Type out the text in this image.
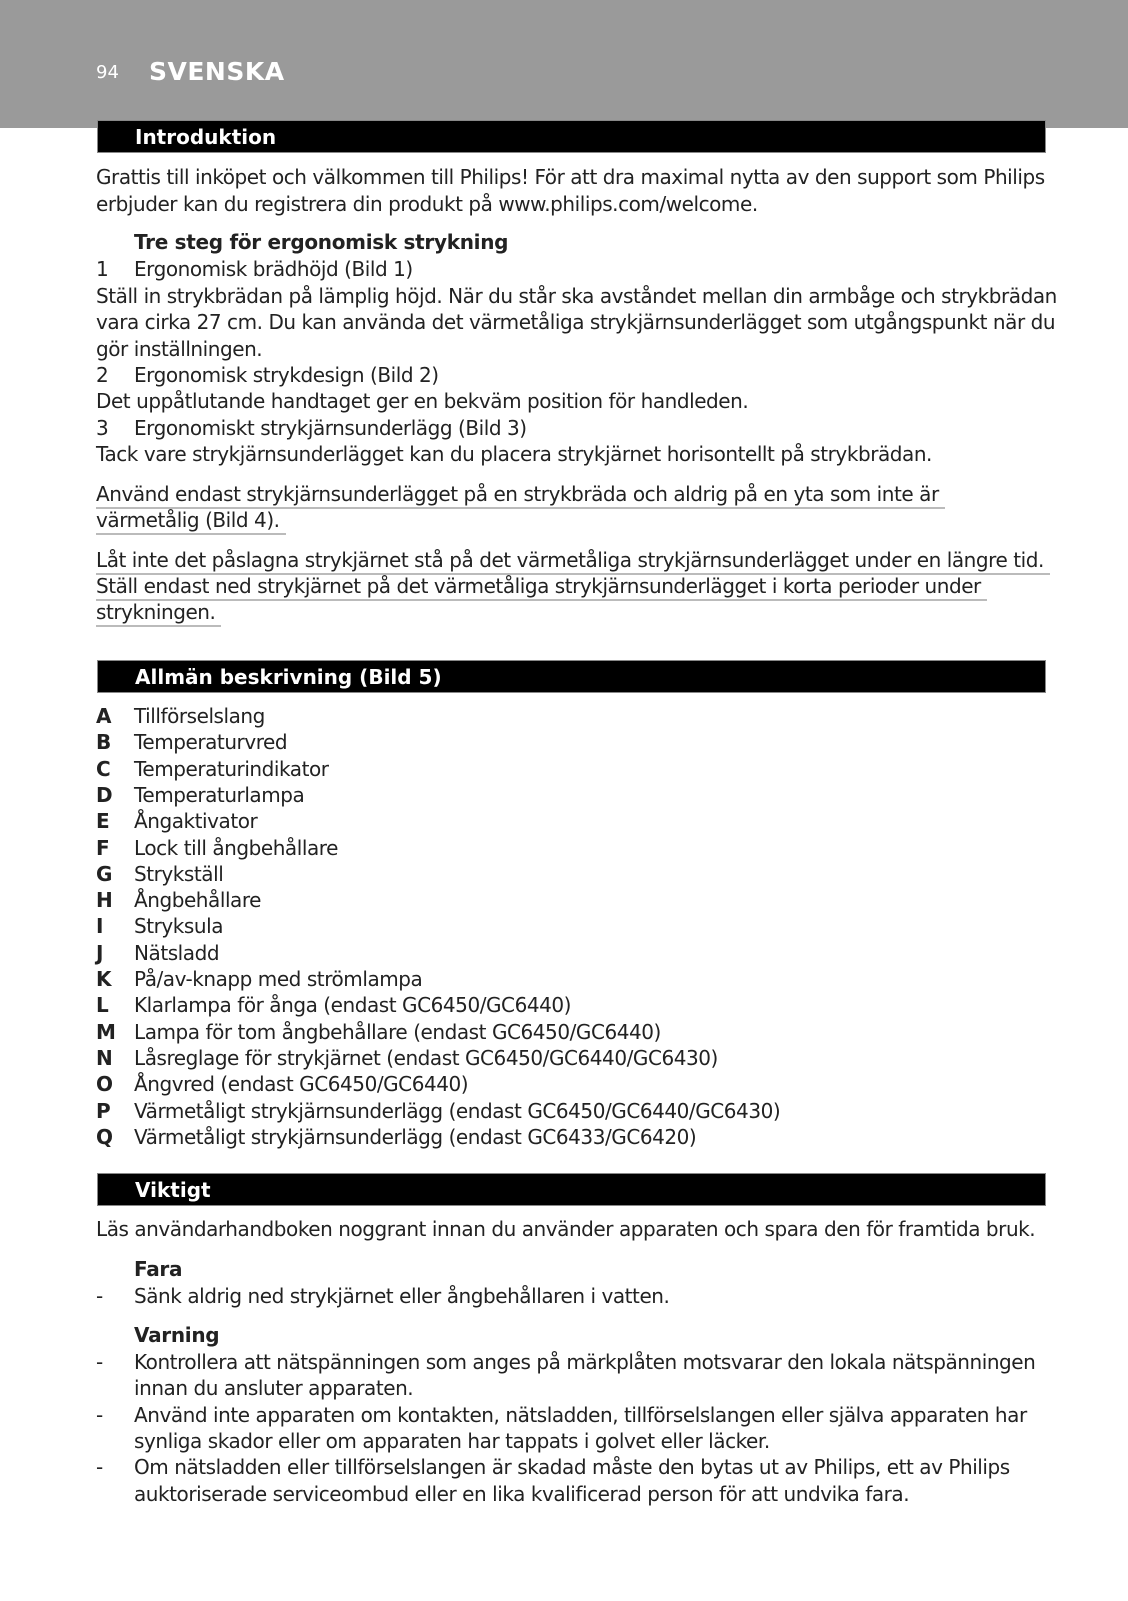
94 SVENSKA
Introduktion
Grattis till inköpet och välkommen till Philips! För att dra maximal nytta av den support som Philips
erbjuder kan du registrera din produkt på www.philips.com/welcome.
Tre steg för ergonomisk strykning
1 Ergonomisk brädhöjd (Bild 1)
Ställ in strykbrädan på lämplig höjd. När du står ska avståndet mellan din armbåge och strykbrädan
vara cirka 27 cm. Du kan använda det värmetåliga strykjärnsunderlägget som utgångspunkt när du
gör inställningen.
2 Ergonomisk strykdesign (Bild 2)
Det uppåtlutande handtaget ger en bekväm position för handleden.
3 Ergonomiskt strykjärnsunderlägg (Bild 3)
Tack vare strykjärnsunderlägget kan du placera strykjärnet horisontellt på strykbrädan.
Använd endast strykjärnsunderlägget på en strykbräda och aldrig på en yta som inte är
värmetålig (Bild 4).
Låt inte det påslagna strykjärnet stå på det värmetåliga strykjärnsunderlägget under en längre tid.
Ställ endast ned strykjärnet på det värmetåliga strykjärnsunderlägget i korta perioder under
strykningen.
Allmän beskrivning (Bild 5)
A	Tillförselslang
B	Temperaturvred
C	Temperaturindikator
D	Temperaturlampa
E	Ångaktivator
F	Lock till ångbehållare
G	Strykställ
H	Ångbehållare
I	Stryksula
J	Nätsladd
K	På/av-knapp med strömlampa
L	Klarlampa för ånga (endast GC6450/GC6440)
M Lampa för tom ångbehållare (endast GC6450/GC6440)
N	Låsreglage för strykjärnet (endast GC6450/GC6440/GC6430)
O	Ångvred (endast GC6450/GC6440)
P	Värmetåligt strykjärnsunderlägg (endast GC6450/GC6440/GC6430)
Q	Värmetåligt strykjärnsunderlägg (endast GC6433/GC6420)
Viktigt
Läs användarhandboken noggrant innan du använder apparaten och spara den för framtida bruk.
Fara
- Sänk aldrig ned strykjärnet eller ångbehållaren i vatten.
Varning
- Kontrollera att nätspänningen som anges på märkplåten motsvarar den lokala nätspänningen
innan du ansluter apparaten.
- Använd inte apparaten om kontakten, nätsladden, tillförselslangen eller själva apparaten har
synliga skador eller om apparaten har tappats i golvet eller läcker.
- Om nätsladden eller tillförselslangen är skadad måste den bytas ut av Philips, ett av Philips
auktoriserade serviceombud eller en lika kvalificerad person för att undvika fara.
